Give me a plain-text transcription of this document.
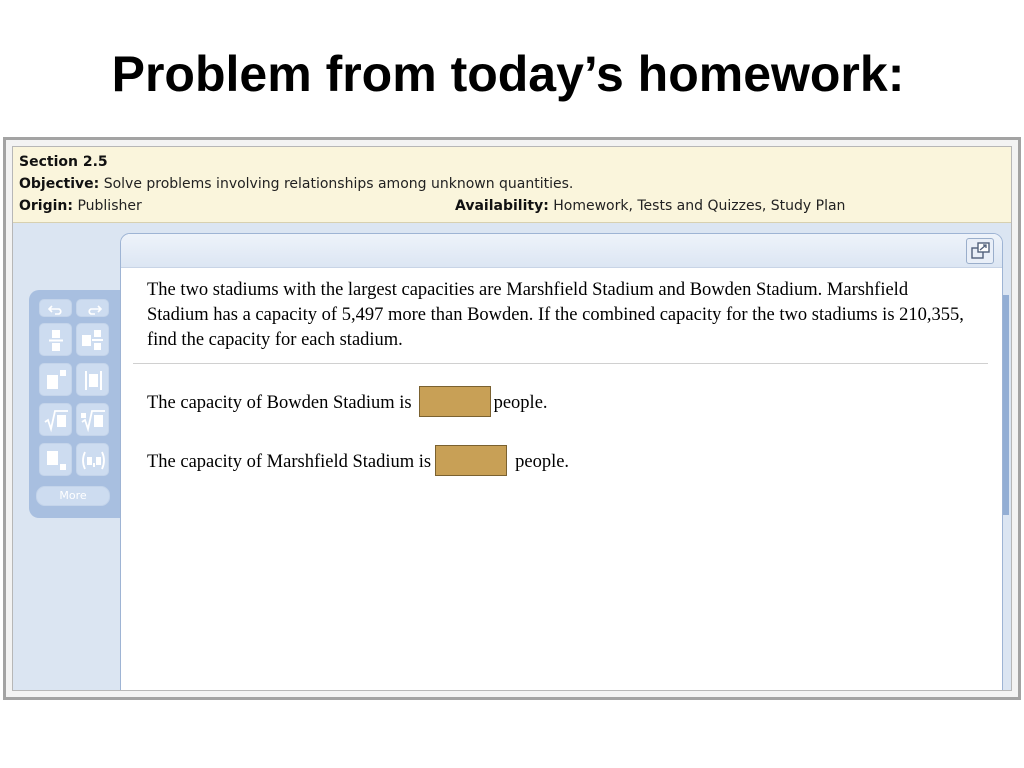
Problem from today’s homework:
Section 2.5
Objective: Solve problems involving relationships among unknown quantities.
Origin: Publisher	Availability: Homework, Tests and Quizzes, Study Plan
More
The two stadiums with the largest capacities are Marshfield Stadium and Bowden Stadium. Marshfield Stadium has a capacity of 5,497 more than Bowden. If the combined capacity for the two stadiums is 210,355, find the capacity for each stadium.
The capacity of Bowden Stadium is	people.
The capacity of Marshfield Stadium is	people.
